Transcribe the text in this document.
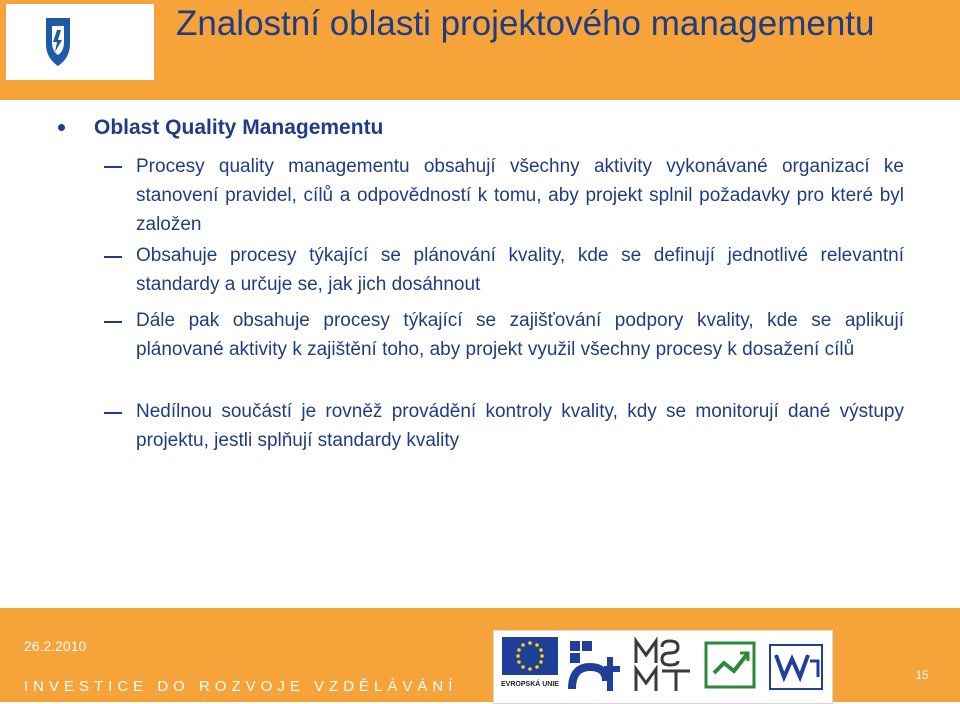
Znalostní oblasti projektového managementu
Oblast Quality Managementu
Procesy quality managementu obsahují všechny aktivity vykonávané organizací ke stanovení pravidel, cílů a odpovědností k tomu, aby projekt splnil požadavky pro které byl založen
Obsahuje procesy týkající se plánování kvality, kde se definují jednotlivé relevantní standardy a určuje se, jak jich dosáhnout
Dále pak obsahuje procesy týkající se zajišťování podpory kvality, kde se aplikují plánované aktivity k zajištění toho, aby projekt využil všechny procesy k dosažení cílů
Nedílnou součástí je rovněž provádění kontroly kvality, kdy se monitorují dané výstupy projektu, jestli splňují standardy kvality
26.2.2010
INVESTICE DO ROZVOJE VZDĚLÁVÁNÍ	EVROPSKÁ UNIE
15
